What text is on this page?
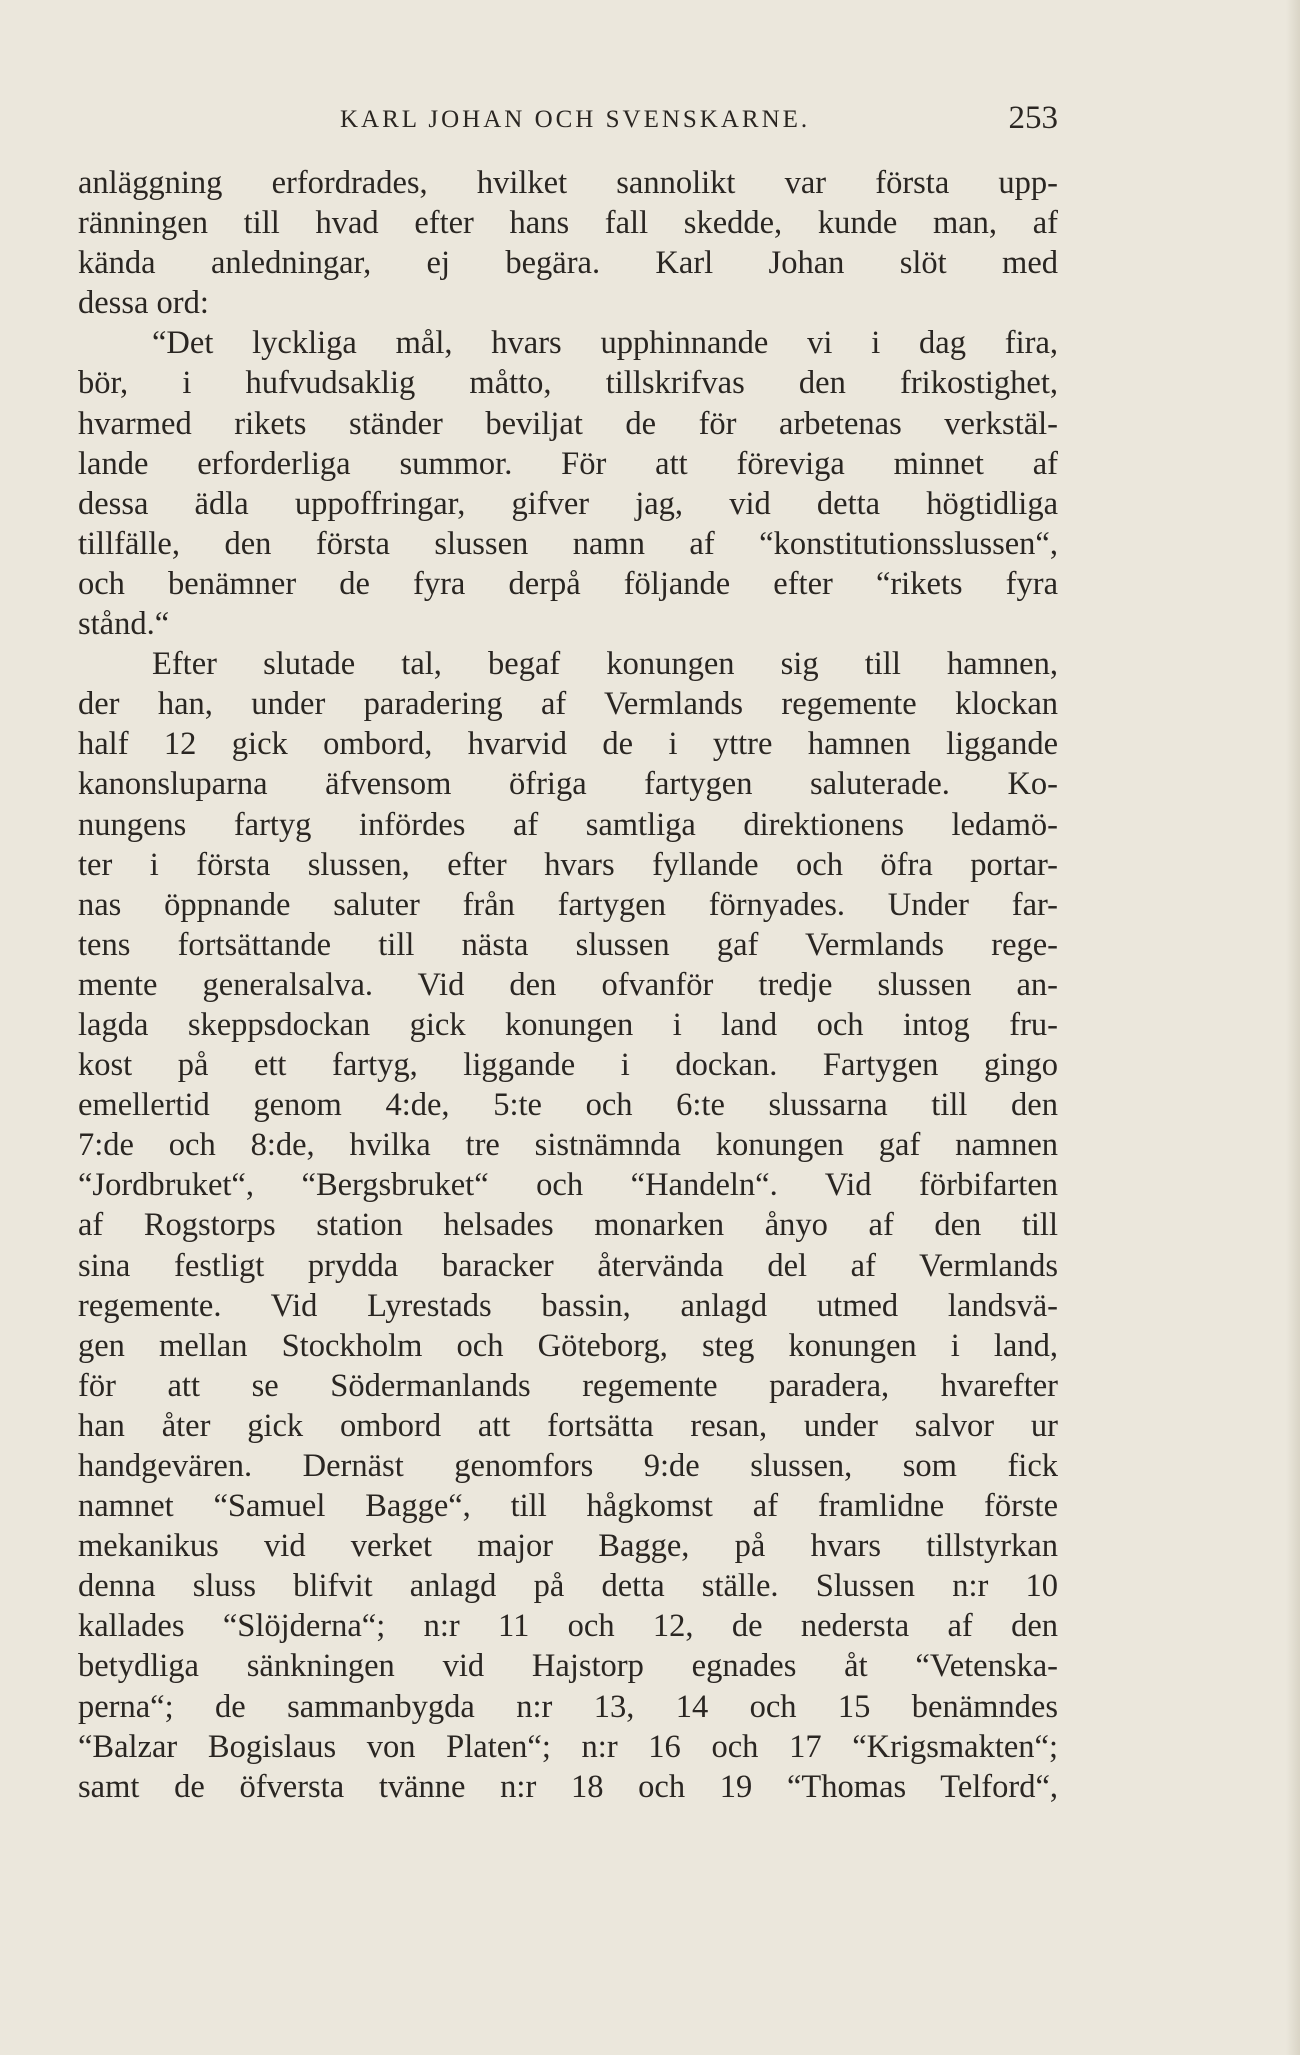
KARL JOHAN OCH SVENSKARNE.	253
anläggning erfordrades, hvilket sannolikt var första upp-
ränningen till hvad efter hans fall skedde, kunde man, af
kända anledningar, ej begära. Karl Johan slöt med
dessa ord:
“Det lyckliga mål, hvars upphinnande vi i dag fira,
bör, i hufvudsaklig måtto, tillskrifvas den frikostighet,
hvarmed rikets ständer beviljat de för arbetenas verkstäl-
lande erforderliga summor. För att föreviga minnet af
dessa ädla uppoffringar, gifver jag, vid detta högtidliga
tillfälle, den första slussen namn af “konstitutionsslussen“,
och benämner de fyra derpå följande efter “rikets fyra
stånd.“
Efter slutade tal, begaf konungen sig till hamnen,
der han, under paradering af Vermlands regemente klockan
half 12 gick ombord, hvarvid de i yttre hamnen liggande
kanonsluparna äfvensom öfriga fartygen saluterade. Ko-
nungens fartyg infördes af samtliga direktionens ledamö-
ter i första slussen, efter hvars fyllande och öfra portar-
nas öppnande saluter från fartygen förnyades. Under far-
tens fortsättande till nästa slussen gaf Vermlands rege-
mente generalsalva. Vid den ofvanför tredje slussen an-
lagda skeppsdockan gick konungen i land och intog fru-
kost på ett fartyg, liggande i dockan. Fartygen gingo
emellertid genom 4:de, 5:te och 6:te slussarna till den
7:de och 8:de, hvilka tre sistnämnda konungen gaf namnen
“Jordbruket“, “Bergsbruket“ och “Handeln“. Vid förbifarten
af Rogstorps station helsades monarken ånyo af den till
sina festligt prydda baracker återvända del af Vermlands
regemente. Vid Lyrestads bassin, anlagd utmed landsvä-
gen mellan Stockholm och Göteborg, steg konungen i land,
för att se Södermanlands regemente paradera, hvarefter
han åter gick ombord att fortsätta resan, under salvor ur
handgevären. Dernäst genomfors 9:de slussen, som fick
namnet “Samuel Bagge“, till hågkomst af framlidne förste
mekanikus vid verket major Bagge, på hvars tillstyrkan
denna sluss blifvit anlagd på detta ställe. Slussen n:r 10
kallades “Slöjderna“; n:r 11 och 12, de nedersta af den
betydliga sänkningen vid Hajstorp egnades åt “Vetenska-
perna“; de sammanbygda n:r 13, 14 och 15 benämndes
“Balzar Bogislaus von Platen“; n:r 16 och 17 “Krigsmakten“;
samt de öfversta tvänne n:r 18 och 19 “Thomas Telford“,
